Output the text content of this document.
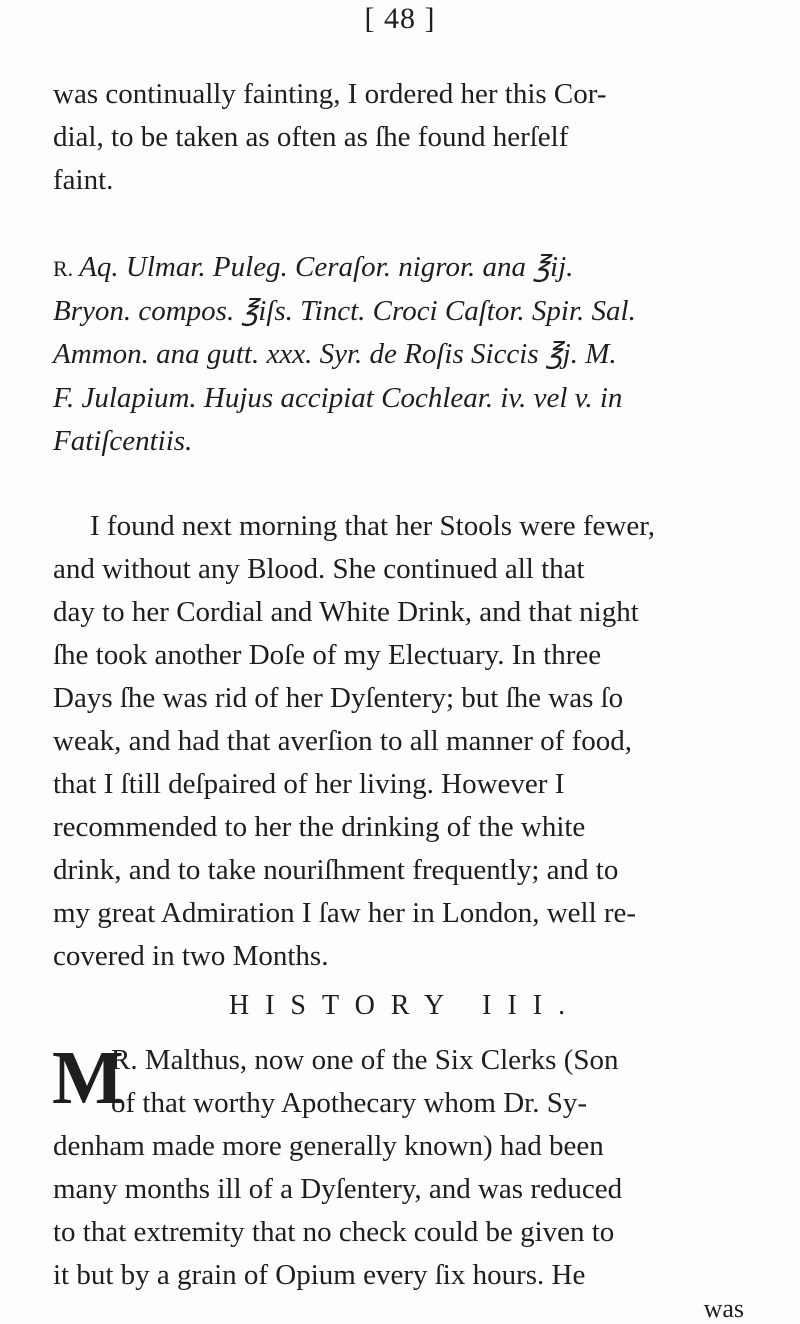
[ 48 ]
was continually fainting, I ordered her this Cor-
dial, to be taken as often as ſhe found herſelf
faint.
R. Aq. Ulmar. Puleg. Ceraſor. nigror. ana ℥ij.
Bryon. compos. ℥iſs. Tinct. Croci Caſtor. Spir. Sal.
Ammon. ana gutt. xxx. Syr. de Roſis Siccis ℥j. M.
F. Julapium. Hujus accipiat Cochlear. iv. vel v. in
Fatiſcentiis.
I found next morning that her Stools were fewer,
and without any Blood. She continued all that
day to her Cordial and White Drink, and that night
ſhe took another Doſe of my Electuary. In three
Days ſhe was rid of her Dyſentery; but ſhe was ſo
weak, and had that averſion to all manner of food,
that I ſtill deſpaired of her living. However I
recommended to her the drinking of the white
drink, and to take nouriſhment frequently; and to
HISTORY III.
M
R. Malthus, now one of the Six Clerks (Son
of that worthy Apothecary whom Dr. Sy-
denham made more generally known) had been
many months ill of a Dyſentery, and was reduced
to that extremity that no check could be given to
it but by a grain of Opium every ſix hours. He
was
my great Admiration I ſaw her in London, well re-
covered in two Months.
